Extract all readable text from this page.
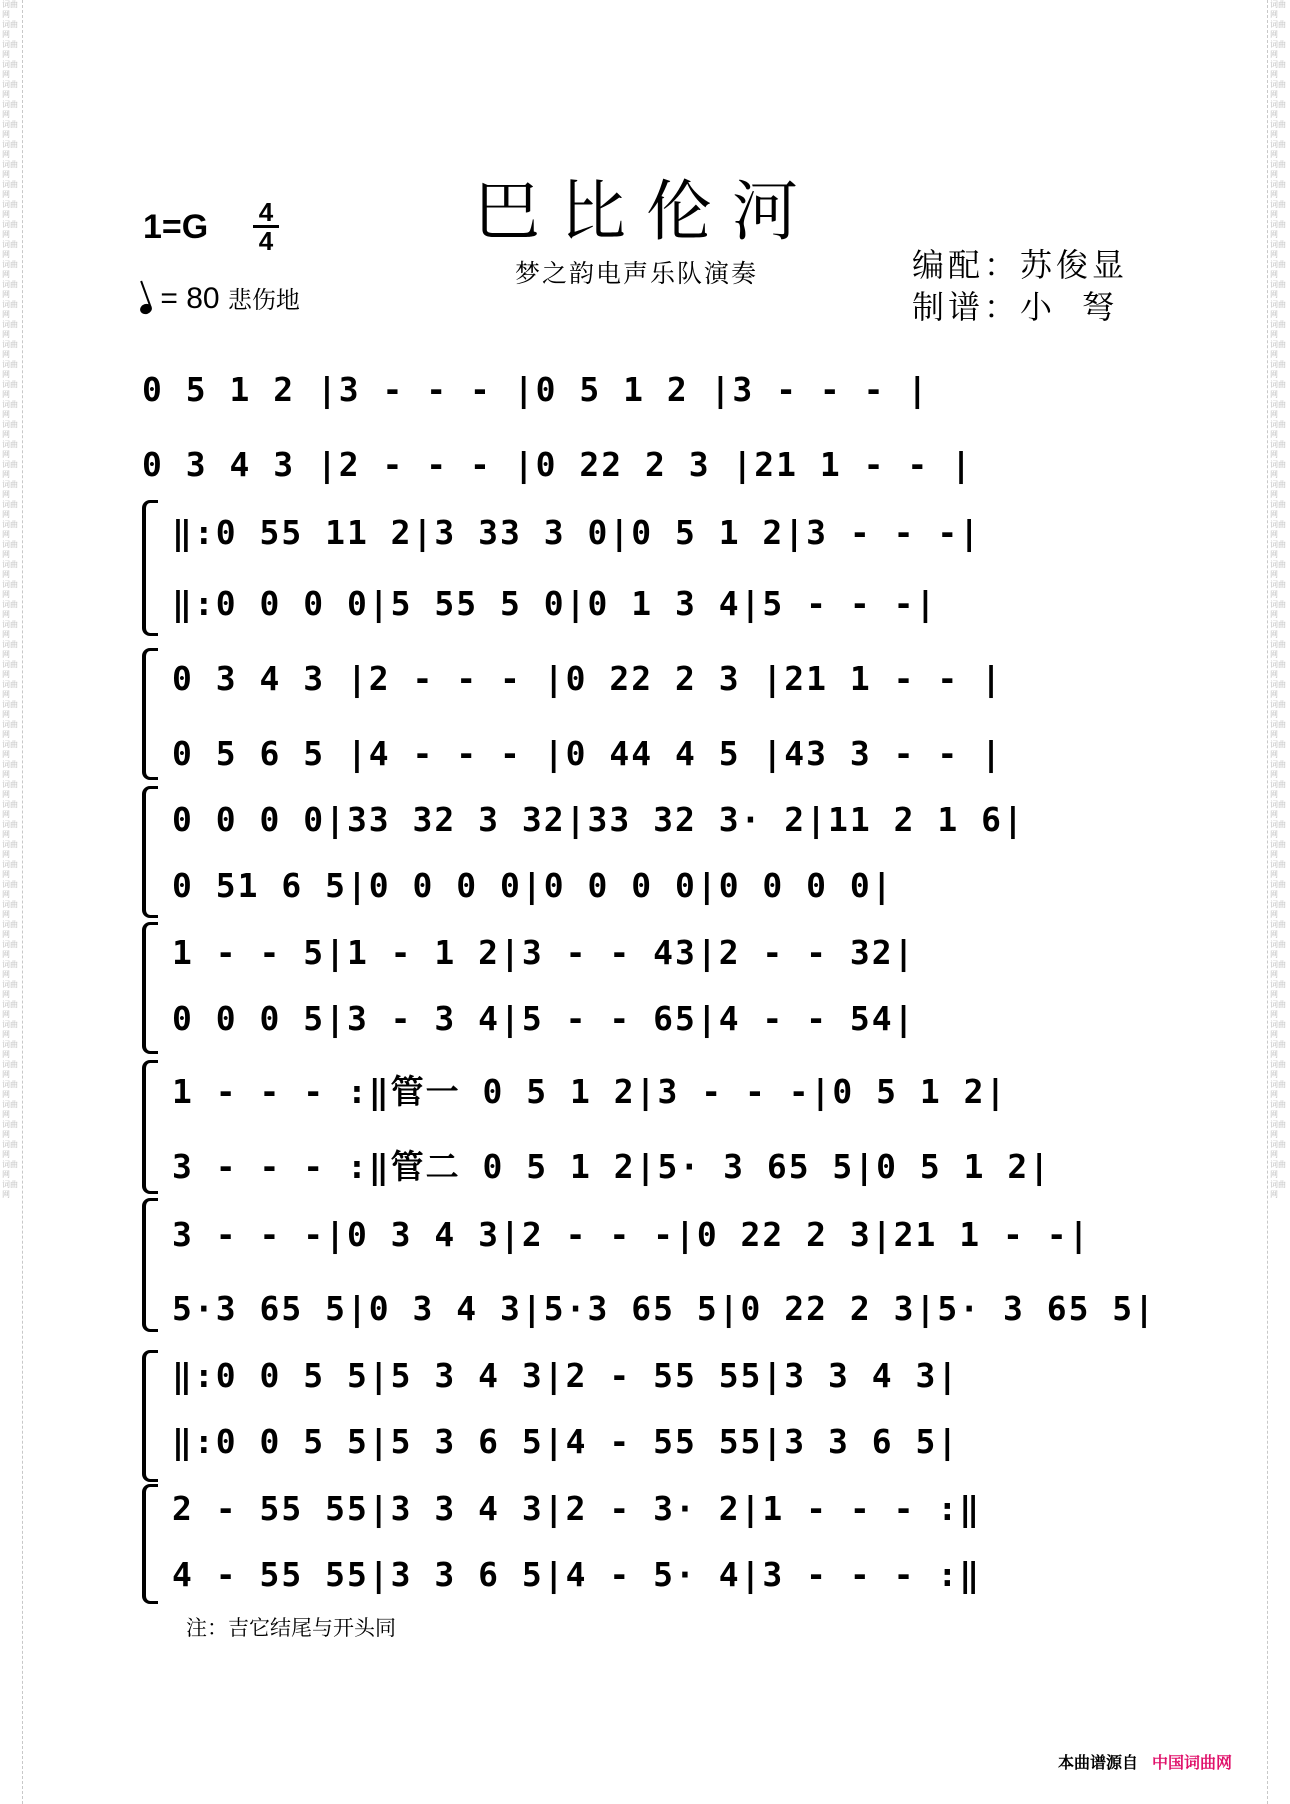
词曲网 词曲网 词曲网 词曲网 词曲网 词曲网 词曲网 词曲网 词曲网 词曲网 词曲网 词曲网 词曲网 词曲网 词曲网 词曲网 词曲网 词曲网 词曲网 词曲网 词曲网 词曲网 词曲网 词曲网 词曲网 词曲网 词曲网 词曲网 词曲网 词曲网 词曲网 词曲网 词曲网 词曲网 词曲网 词曲网 词曲网 词曲网 词曲网 词曲网 词曲网 词曲网 词曲网 词曲网 词曲网 词曲网 词曲网 词曲网 词曲网 词曲网 词曲网 词曲网 词曲网 词曲网 词曲网 词曲网 词曲网 词曲网 词曲网 词曲网
词曲网 词曲网 词曲网 词曲网 词曲网 词曲网 词曲网 词曲网 词曲网 词曲网 词曲网 词曲网 词曲网 词曲网 词曲网 词曲网 词曲网 词曲网 词曲网 词曲网 词曲网 词曲网 词曲网 词曲网 词曲网 词曲网 词曲网 词曲网 词曲网 词曲网 词曲网 词曲网 词曲网 词曲网 词曲网 词曲网 词曲网 词曲网 词曲网 词曲网 词曲网 词曲网 词曲网 词曲网 词曲网 词曲网 词曲网 词曲网 词曲网 词曲网 词曲网 词曲网 词曲网 词曲网 词曲网 词曲网 词曲网 词曲网 词曲网 词曲网
巴比伦河
1=G 4
4
= 80 悲伤地
梦之韵电声乐队演奏	编配：苏俊显
制谱：小弩
0 5 1 2 |3 - - - |0 5 1 2 |3 - - - |
0 3 4 3 |2 - - - |0 22 2 3 |21 1 - - |
‖:0 55 11 2|3 33 3 0|0 5 1 2|3 - - -|
‖:0 0 0 0|5 55 5 0|0 1 3 4|5 - - -|
0 3 4 3 |2 - - - |0 22 2 3 |21 1 - - |
0 5 6 5 |4 - - - |0 44 4 5 |43 3 - - |
0 0 0 0|33 32 3 32|33 32 3· 2|11 2 1 6|
0 51 6 5|0 0 0 0|0 0 0 0|0 0 0 0|
1 - - 5|1 - 1 2|3 - - 43|2 - - 32|
0 0 0 5|3 - 3 4|5 - - 65|4 - - 54|
1 - - - :‖管一 0 5 1 2|3 - - -|0 5 1 2|
3 - - - :‖管二 0 5 1 2|5· 3 65 5|0 5 1 2|
3 - - -|0 3 4 3|2 - - -|0 22 2 3|21 1 - -|
5·3 65 5|0 3 4 3|5·3 65 5|0 22 2 3|5· 3 65 5|
‖:0 0 5 5|5 3 4 3|2 - 55 55|3 3 4 3|
‖:0 0 5 5|5 3 6 5|4 - 55 55|3 3 6 5|
2 - 55 55|3 3 4 3|2 - 3· 2|1 - - - :‖
4 - 55 55|3 3 6 5|4 - 5· 4|3 - - - :‖
注：吉它结尾与开头同
本曲谱源自 中国词曲网
